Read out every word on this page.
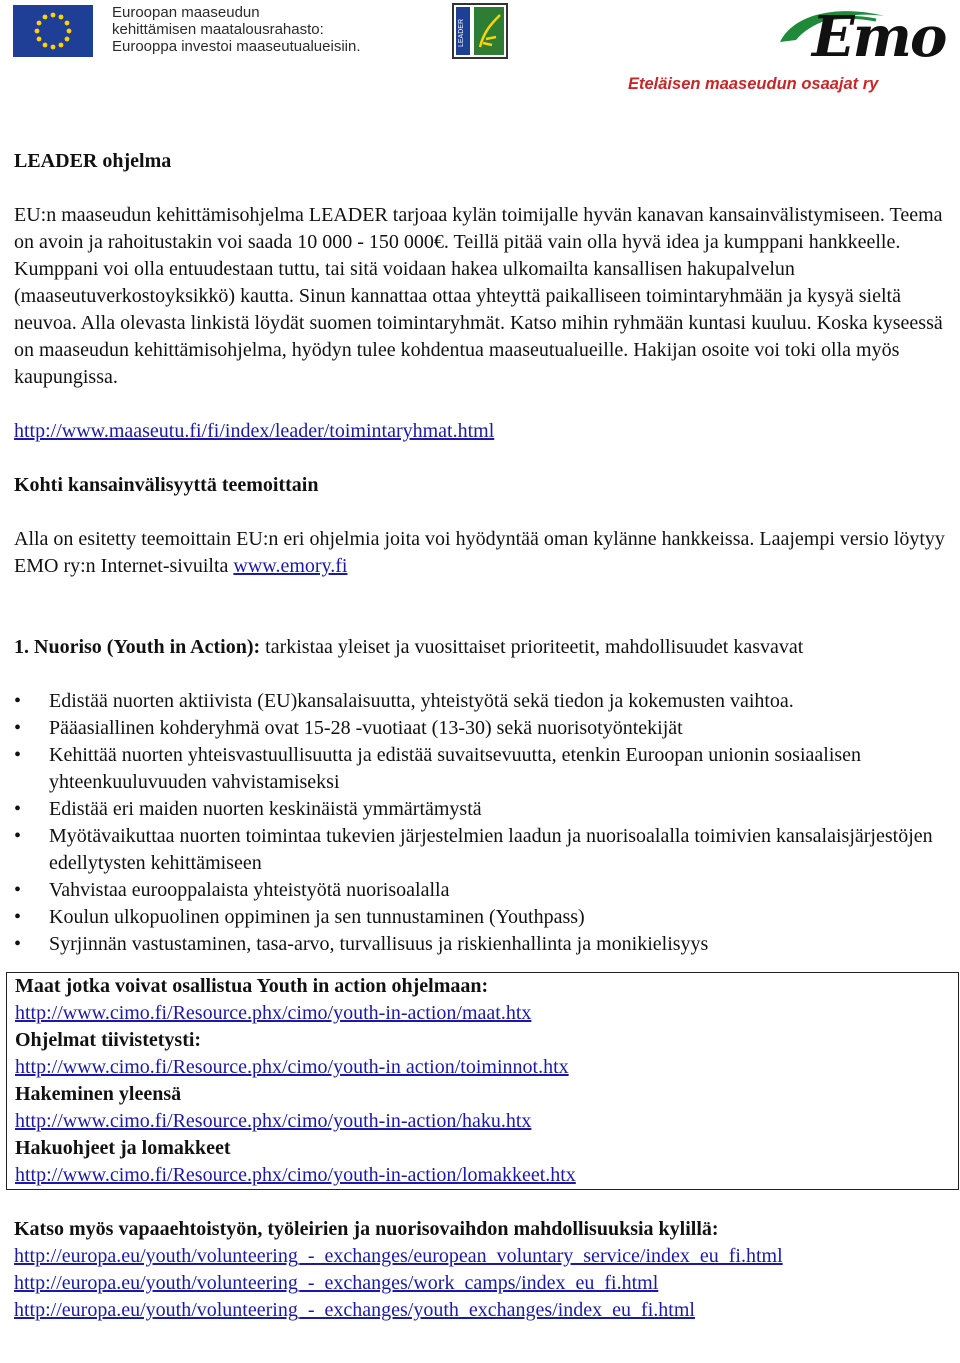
Euroopan maaseudun
kehittämisen maatalousrahasto:
Eurooppa investoi maaseutualueisiin.	LEADER	Emo
Eteläisen maaseudun osaajat ry
LEADER ohjelma

EU:n maaseudun kehittämisohjelma LEADER tarjoaa kylän toimijalle hyvän kanavan kansainvälistymiseen. Teema on avoin ja rahoitustakin voi saada 10 000 - 150 000€. Teillä pitää vain olla hyvä idea ja kumppani hankkeelle. Kumppani voi olla entuudestaan tuttu, tai sitä voidaan hakea ulkomailta kansallisen hakupalvelun (maaseutuverkostoyksikkö) kautta. Sinun kannattaa ottaa yhteyttä paikalliseen toimintaryhmään ja kysyä sieltä neuvoa. Alla olevasta linkistä löydät suomen toimintaryhmät. Katso mihin ryhmään kuntasi kuuluu. Koska kyseessä on maaseudun kehittämisohjelma, hyödyn tulee kohdentua maaseutualueille. Hakijan osoite voi toki olla myös kaupungissa.

http://www.maaseutu.fi/fi/index/leader/toimintaryhmat.html

Kohti kansainvälisyyttä teemoittain

Alla on esitetty teemoittain EU:n eri ohjelmia joita voi hyödyntää oman kylänne hankkeissa. Laajempi versio löytyy EMO ry:n Internet-sivuilta www.emory.fi

1. Nuoriso (Youth in Action): tarkistaa yleiset ja vuosittaiset prioriteetit, mahdollisuudet kasvavat

• Edistää nuorten aktiivista (EU)kansalaisuutta, yhteistyötä sekä tiedon ja kokemusten vaihtoa.
• Pääasiallinen kohderyhmä ovat 15-28 -vuotiaat (13-30) sekä nuorisotyöntekijät
• Kehittää nuorten yhteisvastuullisuutta ja edistää suvaitsevuutta, etenkin Euroopan unionin sosiaalisen yhteenkuuluvuuden vahvistamiseksi
• Edistää eri maiden nuorten keskinäistä ymmärtämystä
• Myötävaikuttaa nuorten toimintaa tukevien järjestelmien laadun ja nuorisoalalla toimivien kansalaisjärjestöjen edellytysten kehittämiseen
• Vahvistaa eurooppalaista yhteistyötä nuorisoalalla
• Koulun ulkopuolinen oppiminen ja sen tunnustaminen (Youthpass)
• Syrjinnän vastustaminen, tasa-arvo, turvallisuus ja riskienhallinta ja monikielisyys
Maat jotka voivat osallistua Youth in action ohjelmaan:

http://www.cimo.fi/Resource.phx/cimo/youth-in-action/maat.htx

Ohjelmat tiivistetysti:

http://www.cimo.fi/Resource.phx/cimo/youth-in action/toiminnot.htx

Hakeminen yleensä

http://www.cimo.fi/Resource.phx/cimo/youth-in-action/haku.htx

Hakuohjeet ja lomakkeet

http://www.cimo.fi/Resource.phx/cimo/youth-in-action/lomakkeet.htx

Katso myös vapaaehtoistyön, työleirien ja nuorisovaihdon mahdollisuuksia kylillä:

http://europa.eu/youth/volunteering_-_exchanges/european_voluntary_service/index_eu_fi.html

http://europa.eu/youth/volunteering_-_exchanges/work_camps/index_eu_fi.html

http://europa.eu/youth/volunteering_-_exchanges/youth_exchanges/index_eu_fi.html
